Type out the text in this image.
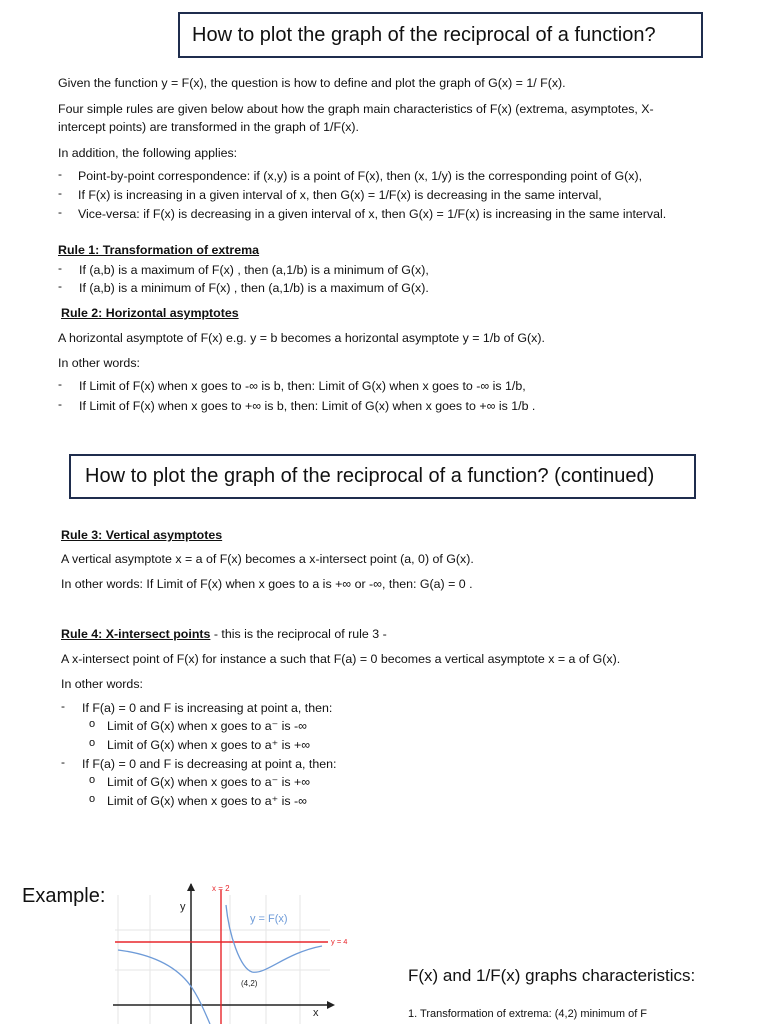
How to plot the graph of the reciprocal of a function?
Given the function y = F(x), the question is how to define and plot the graph of G(x) = 1/ F(x).
Four simple rules are given below about how the graph main characteristics of F(x) (extrema, asymptotes, X-
intercept points) are transformed in the graph of 1/F(x).
In addition, the following applies:
- Point-by-point correspondence: if (x,y) is a point of F(x), then (x, 1/y) is the corresponding point of G(x),
- If F(x) is increasing in a given interval of x, then G(x) = 1/F(x) is decreasing in the same interval,
- Vice-versa: if F(x) is decreasing in a given interval of x, then G(x) = 1/F(x) is increasing in the same interval.
Rule 1: Transformation of extrema
- If (a,b) is a maximum of F(x) , then (a,1/b) is a minimum of G(x),
- If (a,b) is a minimum of F(x) , then (a,1/b) is a maximum of G(x).
Rule 2: Horizontal asymptotes
A horizontal asymptote of F(x) e.g. y = b becomes a horizontal asymptote y = 1/b of G(x).
In other words:
- If Limit of F(x) when x goes to -∞ is b, then: Limit of G(x) when x goes to -∞ is 1/b,
- If Limit of F(x) when x goes to +∞ is b, then: Limit of G(x) when x goes to +∞ is 1/b .
How to plot the graph of the reciprocal of a function? (continued)
Rule 3: Vertical asymptotes
A vertical asymptote x = a of F(x) becomes a x-intersect point (a, 0) of G(x).
In other words: If Limit of F(x) when x goes to a is +∞ or -∞, then: G(a) = 0 .
Rule 4: X-intersect points - this is the reciprocal of rule 3 -
A x-intersect point of F(x) for instance a such that F(a) = 0 becomes a vertical asymptote x = a of G(x).
In other words:
- If F(a) = 0 and F is increasing at point a, then:
o Limit of G(x) when x goes to a⁻ is -∞
o Limit of G(x) when x goes to a⁺ is +∞
- If F(a) = 0 and F is decreasing at point a, then:
o Limit of G(x) when x goes to a⁻ is +∞
o Limit of G(x) when x goes to a⁺ is -∞
Example:	x = 2
y = 4
y = F(x)
(4,2)
y
x
F(x) and 1/F(x) graphs characteristics:
1. Transformation of extrema: (4,2) minimum of F
